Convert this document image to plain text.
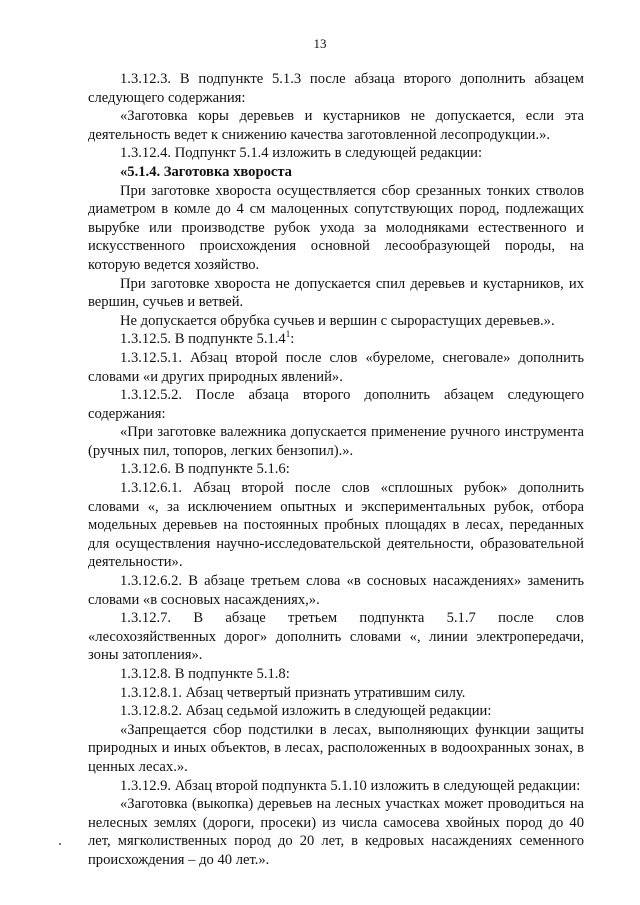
13

1.3.12.3. В подпункте 5.1.3 после абзаца второго дополнить абзацем следующего содержания:

«Заготовка коры деревьев и кустарников не допускается, если эта деятельность ведет к снижению качества заготовленной лесопродукции.».

1.3.12.4. Подпункт 5.1.4 изложить в следующей редакции:

«5.1.4. Заготовка хвороста

При заготовке хвороста осуществляется сбор срезанных тонких стволов диаметром в комле до 4 см малоценных сопутствующих пород, подлежащих вырубке или производстве рубок ухода за молодняками естественного и искусственного происхождения основной лесообразующей породы, на которую ведется хозяйство.

При заготовке хвороста не допускается спил деревьев и кустарников, их вершин, сучьев и ветвей.

Не допускается обрубка сучьев и вершин с сырорастущих деревьев.».

1.3.12.5. В подпункте 5.1.4$^1$:

1.3.12.5.1. Абзац второй после слов «буреломе, снеговале» дополнить словами «и других природных явлений».

1.3.12.5.2. После абзаца второго дополнить абзацем следующего содержания:

«При заготовке валежника допускается применение ручного инструмента (ручных пил, топоров, легких бензопил).».

1.3.12.6. В подпункте 5.1.6:

1.3.12.6.1. Абзац второй после слов «сплошных рубок» дополнить словами «, за исключением опытных и экспериментальных рубок, отбора модельных деревьев на постоянных пробных площадях в лесах, переданных для осуществления научно-исследовательской деятельности, образовательной деятельности».

1.3.12.6.2. В абзаце третьем слова «в сосновых насаждениях» заменить словами «в сосновых насаждениях,».

1.3.12.7. В абзаце третьем подпункта 5.1.7 после слов «лесохозяйственных дорог» дополнить словами «, линии электропередачи, зоны затопления».

1.3.12.8. В подпункте 5.1.8:

1.3.12.8.1. Абзац четвертый признать утратившим силу.

1.3.12.8.2. Абзац седьмой изложить в следующей редакции:

«Запрещается сбор подстилки в лесах, выполняющих функции защиты природных и иных объектов, в лесах, расположенных в водоохранных зонах, в ценных лесах.».

1.3.12.9. Абзац второй подпункта 5.1.10 изложить в следующей редакции:

«Заготовка (выкопка) деревьев на лесных участках может проводиться на нелесных землях (дороги, просеки) из числа самосева хвойных пород до 40 лет, мягколиственных пород до 20 лет, в кедровых насаждениях семенного происхождения – до 40 лет.».
